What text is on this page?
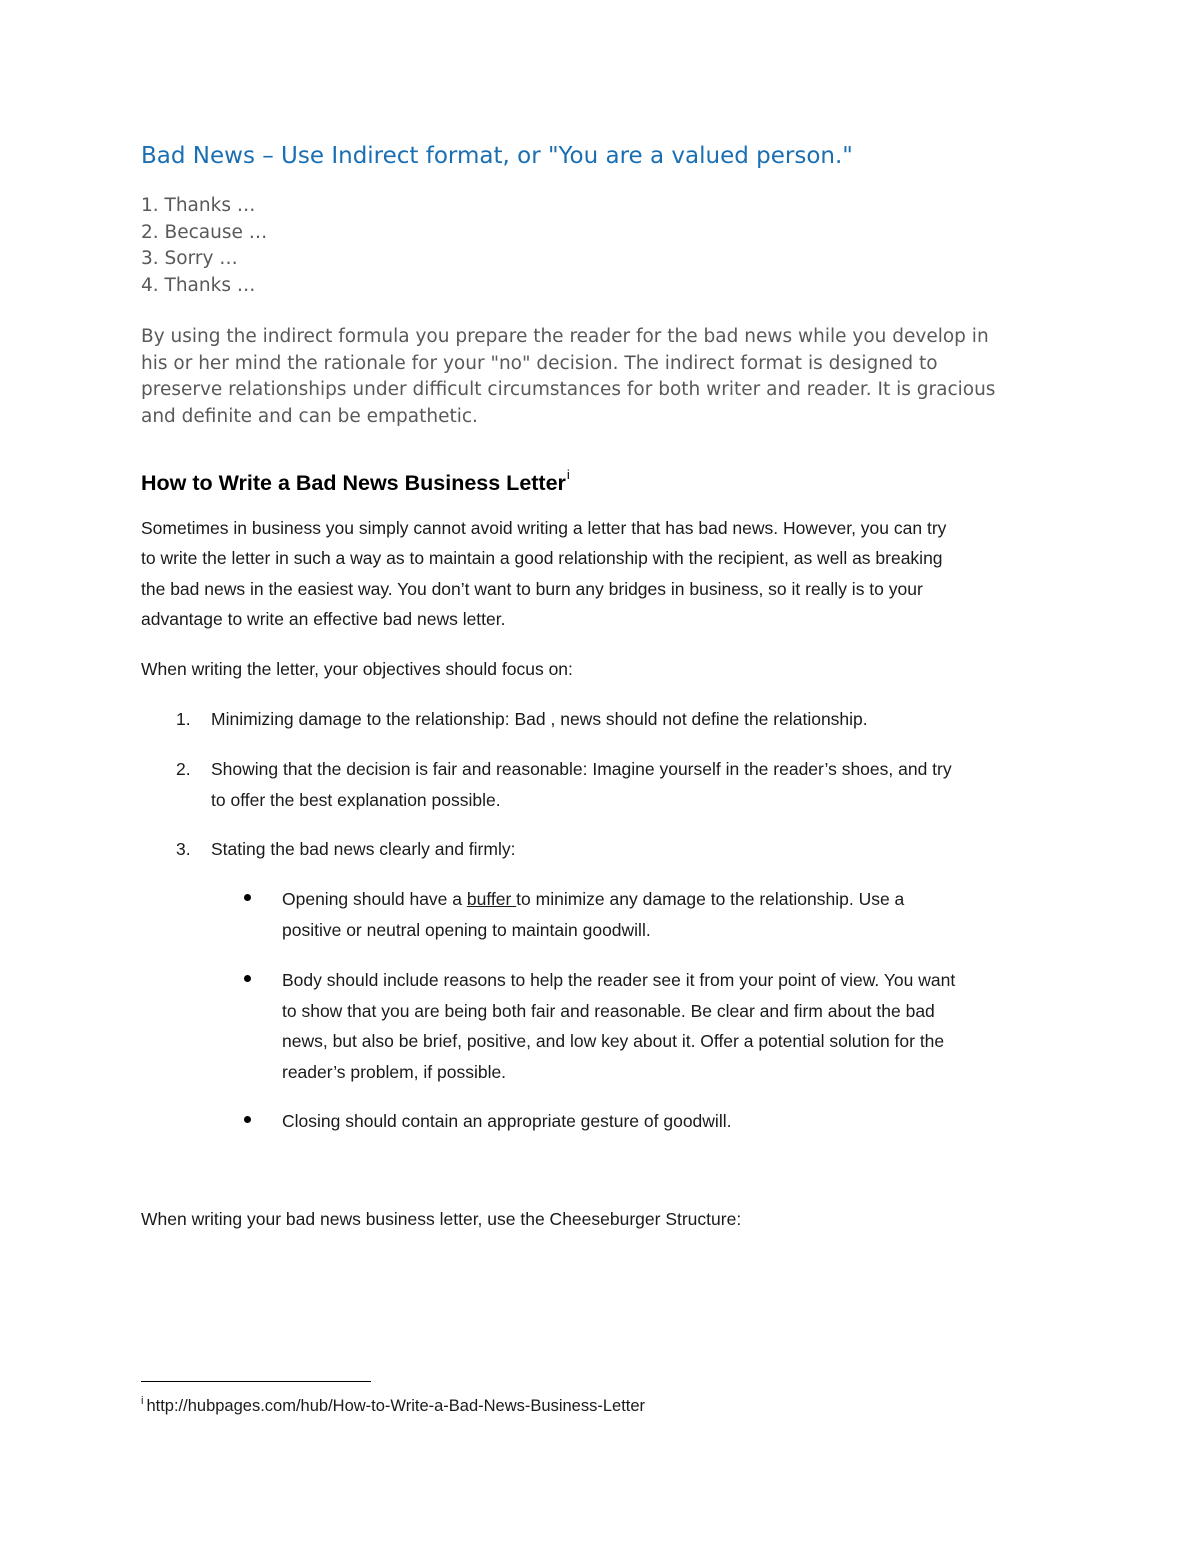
Bad News – Use Indirect format, or "You are a valued person."
1. Thanks …
2. Because …
3. Sorry …
4. Thanks …
By using the indirect formula you prepare the reader for the bad news while you develop in
his or her mind the rationale for your "no" decision. The indirect format is designed to
preserve relationships under difficult circumstances for both writer and reader. It is gracious
and definite and can be empathetic.
How to Write a Bad News Business Letter$^i$
Sometimes in business you simply cannot avoid writing a letter that has bad news. However, you can try
to write the letter in such a way as to maintain a good relationship with the recipient, as well as breaking
the bad news in the easiest way. You don’t want to burn any bridges in business, so it really is to your
advantage to write an effective bad news letter.
When writing the letter, your objectives should focus on:
1. Minimizing damage to the relationship: Bad , news should not define the relationship.
2. Showing that the decision is fair and reasonable: Imagine yourself in the reader’s shoes, and try
to offer the best explanation possible.
3. Stating the bad news clearly and firmly:
Opening should have a buffer to minimize any damage to the relationship. Use a
positive or neutral opening to maintain goodwill.
Body should include reasons to help the reader see it from your point of view. You want
to show that you are being both fair and reasonable. Be clear and firm about the bad
news, but also be brief, positive, and low key about it. Offer a potential solution for the
reader’s problem, if possible.
Closing should contain an appropriate gesture of goodwill.
When writing your bad news business letter, use the Cheeseburger Structure:
$^i$ http://hubpages.com/hub/How-to-Write-a-Bad-News-Business-Letter
